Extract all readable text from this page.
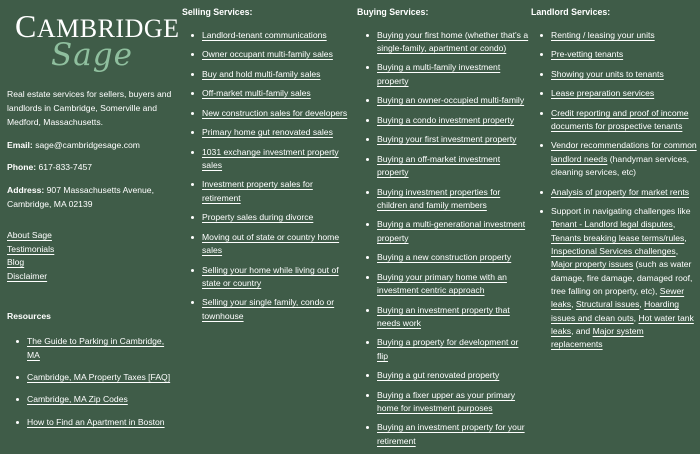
CAMBRIDGE
Sage

Real estate services for sellers, buyers and landlords in Cambridge, Somerville and Medford, Massachusetts.

Email: sage@cambridgesage.com

Phone: 617-833-7457

Address: 907 Massachusetts Avenue, Cambridge, MA 02139

About Sage
Testimonials
Blog
Disclaimer
Resources
The Guide to Parking in Cambridge, MA
Cambridge, MA Property Taxes [FAQ]
Cambridge, MA Zip Codes
How to Find an Apartment in Boston
Selling Services:
Landlord-tenant communications
Owner occupant multi-family sales
Buy and hold multi-family sales
Off-market multi-family sales
New construction sales for developers
Primary home gut renovated sales
1031 exchange investment property sales
Investment property sales for retirement
Property sales during divorce
Moving out of state or country home sales
Selling your home while living out of state or country
Selling your single family, condo or townhouse
Buying Services:
Buying your first home (whether that's a single-family, apartment or condo)
Buying a multi-family investment property
Buying an owner-occupied multi-family
Buying a condo investment property
Buying your first investment property
Buying an off-market investment property
Buying investment properties for children and family members
Buying a multi-generational investment property
Buying a new construction property
Buying your primary home with an investment centric approach
Buying an investment property that needs work
Buying a property for development or flip
Buying a gut renovated property
Buying a fixer upper as your primary home for investment purposes
Buying an investment property for your retirement
Landlord Services:
Renting / leasing your units
Pre-vetting tenants
Showing your units to tenants
Lease preparation services
Credit reporting and proof of income documents for prospective tenants
Vendor recommendations for common landlord needs (handyman services, cleaning services, etc)
Analysis of property for market rents
Support in navigating challenges like Tenant - Landlord legal disputes, Tenants breaking lease terms/rules, Inspectional Services challenges, Major property issues (such as water damage, fire damage, damaged roof, tree falling on property, etc), Sewer leaks, Structural issues, Hoarding issues and clean outs, Hot water tank leaks, and Major system replacements
